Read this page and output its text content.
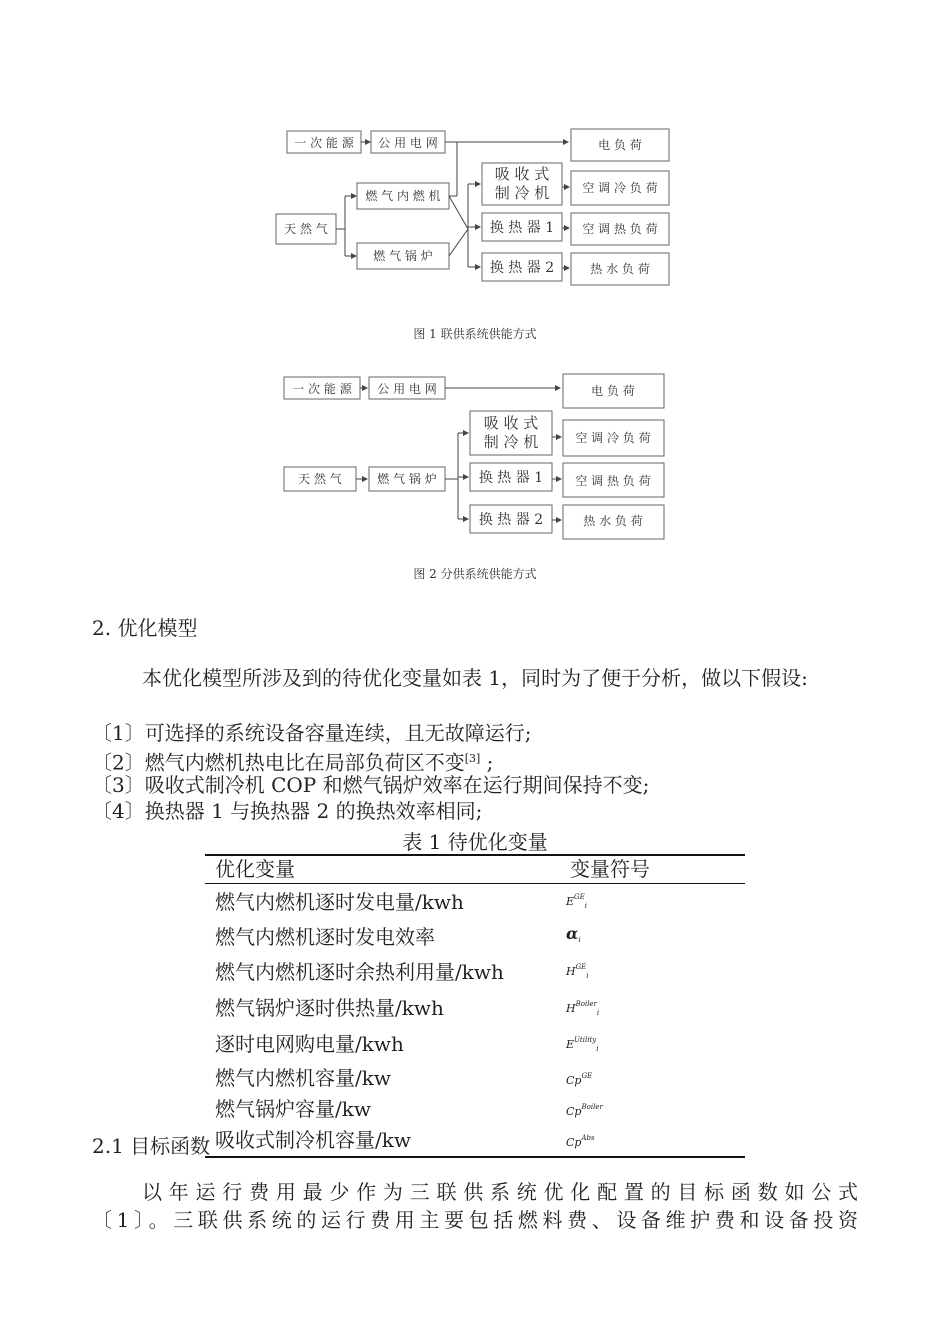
一 次 能 源 公 用 电 网	电 负 荷
天 然 气
燃 气 内 燃 机
燃 气 锅 炉
吸 收 式
制 冷 机
换 热 器 1
换 热 器 2
空 调 冷 负 荷
空 调 热 负 荷
热 水 负 荷
图 1 联供系统供能方式
一 次 能 源 公 用 电 网	电 负 荷
天 然 气	燃 气 锅 炉
吸 收 式
制 冷 机
换 热 器 1
换 热 器 2
空 调 冷 负 荷
空 调 热 负 荷
热 水 负 荷
图 2 分供系统供能方式
2. 优化模型

本优化模型所涉及到的待优化变量如表 1，同时为了便于分析，做以下假设:

〔1〕可选择的系统设备容量连续，且无故障运行;

〔2〕燃气内燃机热电比在局部负荷区不变[3] ;

〔3〕吸收式制冷机 COP 和燃气锅炉效率在运行期间保持不变;

〔4〕换热器 1 与换热器 2 的换热效率相同;

表 1 待优化变量
优化变量	变量符号
燃气内燃机逐时发电量/kwh	$E^{GE}_i$
燃气内燃机逐时发电效率	$\alpha_i$
燃气内燃机逐时余热利用量/kwh	$H^{GE}_i$
燃气锅炉逐时供热量/kwh	$H^{Boiler}_i$
逐时电网购电量/kwh	$E^{Utility}_i$
燃气内燃机容量/kw	$Cp^{GE}$
燃气锅炉容量/kw	$Cp^{Boiler}$
吸收式制冷机容量/kw	$Cp^{Abs}$
2.1 目标函数

以年运行费用最少作为三联供系统优化配置的目标函数如公式

〔1〕。三联供系统的运行费用主要包括燃料费、设备维护费和设备投资
